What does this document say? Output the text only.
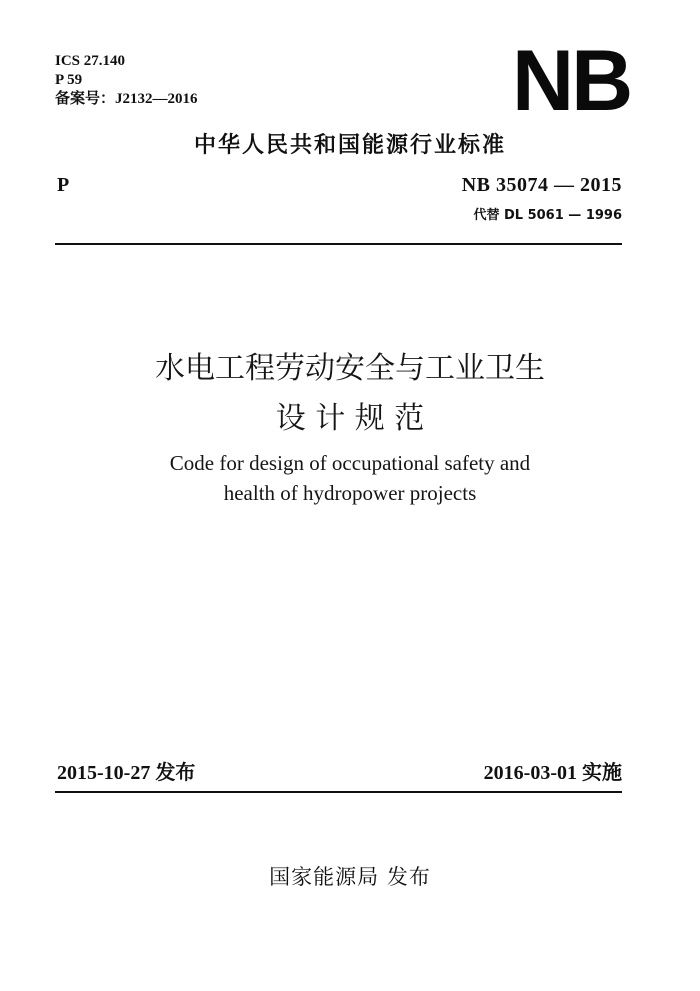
ICS 27.140
P 59
备案号：J2132—2016	NB
中华人民共和国能源行业标准
P	NB 35074 — 2015
代替 DL 5061 — 1996
水电工程劳动安全与工业卫生
设 计 规 范
Code for design of occupational safety and
health of hydropower projects
2015-10-27 发布	2016-03-01 实施
国家能源局 发布
